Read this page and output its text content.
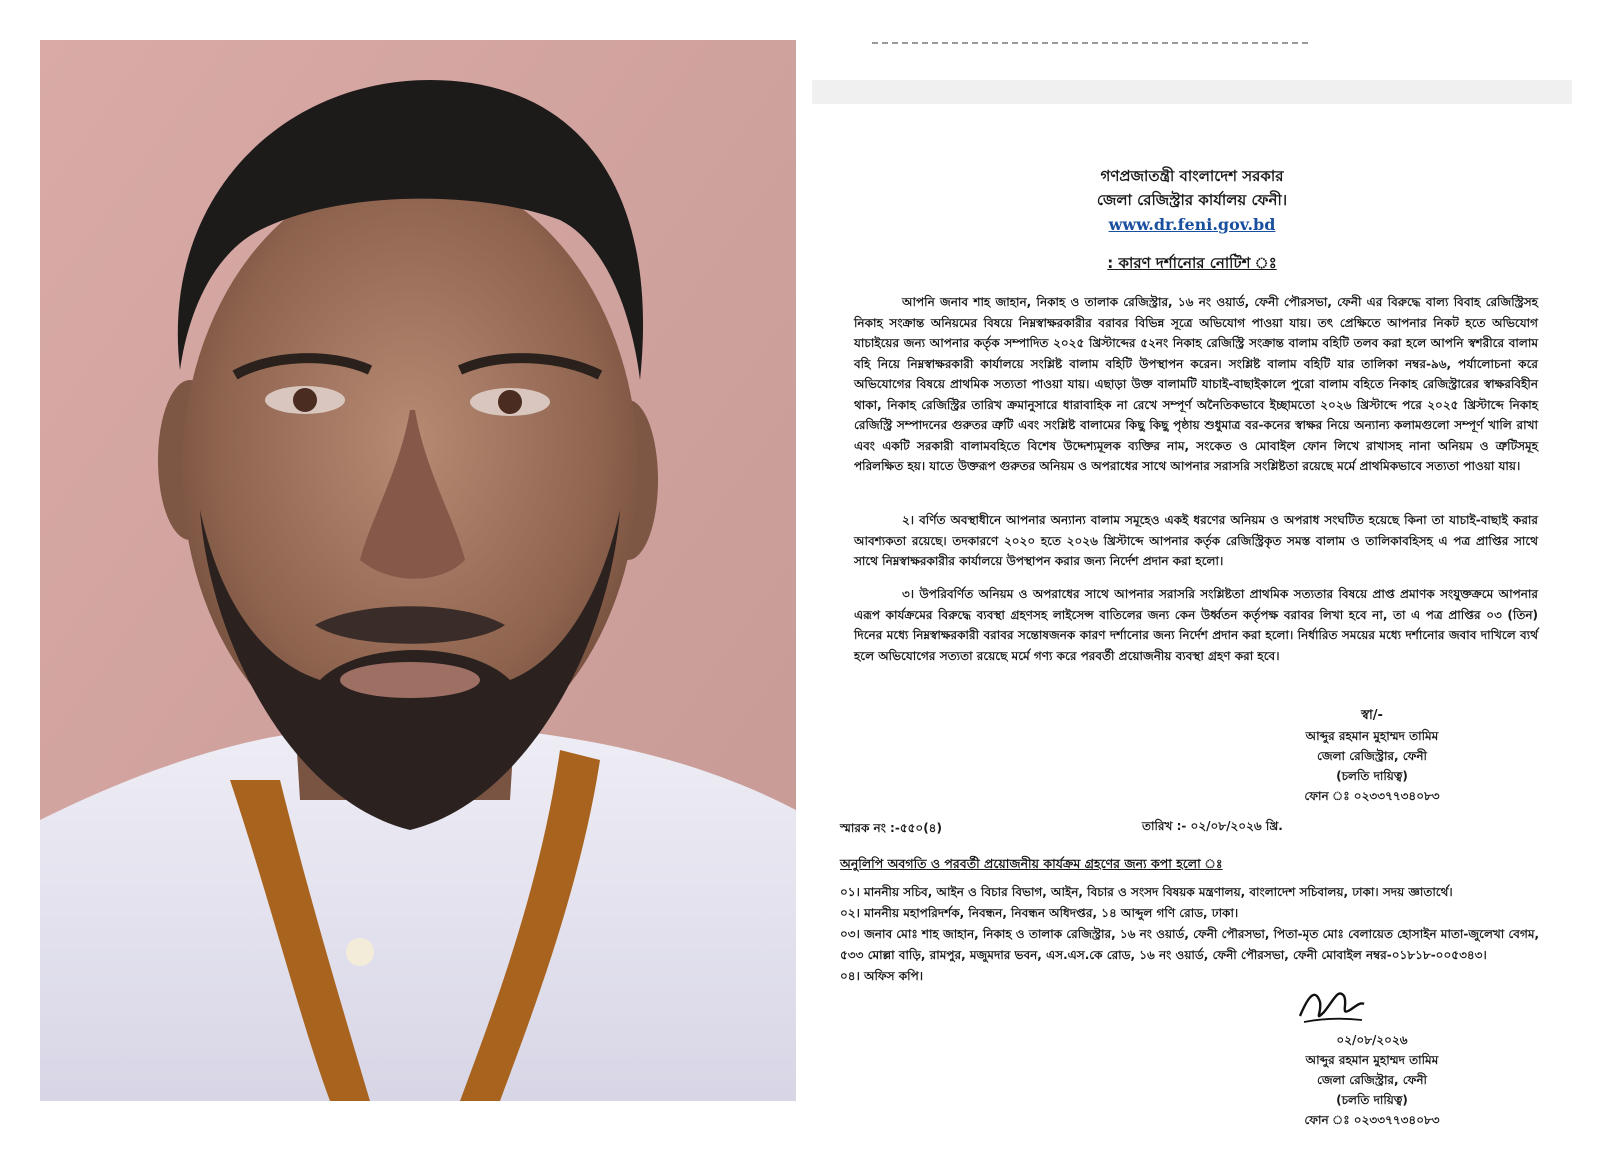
গণপ্রজাতন্ত্রী বাংলাদেশ সরকার
জেলা রেজিস্ট্রার কার্যালয় ফেনী।
www.dr.feni.gov.bd
: কারণ দর্শানোর নোটিশ ঃ

আপনি জনাব শাহ জাহান, নিকাহ ও তালাক রেজিস্ট্রার, ১৬ নং ওয়ার্ড, ফেনী পৌরসভা, ফেনী এর বিরুদ্ধে বাল্য বিবাহ রেজিস্ট্রিসহ নিকাহ সংক্রান্ত অনিয়মের বিষয়ে নিম্নস্বাক্ষরকারীর বরাবর বিভিন্ন সূত্রে অভিযোগ পাওয়া যায়। তৎ প্রেক্ষিতে আপনার নিকট হতে অভিযোগ যাচাইয়ের জন্য আপনার কর্তৃক সম্পাদিত ২০২৫ খ্রিস্টাব্দের ৫২নং নিকাহ রেজিস্ট্রি সংক্রান্ত বালাম বহিটি তলব করা হলে আপনি স্বশরীরে বালাম বহি নিয়ে নিম্নস্বাক্ষরকারী কার্যালয়ে সংশ্লিষ্ট বালাম বহিটি উপস্থাপন করেন। সংশ্লিষ্ট বালাম বহিটি যার তালিকা নম্বর-৯৬, পর্যালোচনা করে অভিযোগের বিষয়ে প্রাথমিক সত্যতা পাওয়া যায়। এছাড়া উক্ত বালামটি যাচাই-বাছাইকালে পুরো বালাম বহিতে নিকাহ রেজিস্ট্রারের স্বাক্ষরবিহীন থাকা, নিকাহ রেজিস্ট্রির তারিখ ক্রমানুসারে ধারাবাহিক না রেখে সম্পূর্ণ অনৈতিকভাবে ইচ্ছামতো ২০২৬ খ্রিস্টাব্দে পরে ২০২৫ খ্রিস্টাব্দে নিকাহ রেজিস্ট্রি সম্পাদনের গুরুতর ত্রুটি এবং সংশ্লিষ্ট বালামের কিছু কিছু পৃষ্ঠায় শুধুমাত্র বর-কনের স্বাক্ষর নিয়ে অন্যান্য কলামগুলো সম্পূর্ণ খালি রাখা এবং একটি সরকারী বালামবহিতে বিশেষ উদ্দেশ্যমূলক ব্যক্তির নাম, সংকেত ও মোবাইল ফোন লিখে রাখাসহ নানা অনিয়ম ও ত্রুটিসমূহ পরিলক্ষিত হয়। যাতে উক্তরূপ গুরুতর অনিয়ম ও অপরাধের সাথে আপনার সরাসরি সংশ্লিষ্টতা রয়েছে মর্মে প্রাথমিকভাবে সত্যতা পাওয়া যায়।

২। বর্ণিত অবস্থাধীনে আপনার অন্যান্য বালাম সমূহেও একই ধরণের অনিয়ম ও অপরাধ সংঘটিত হয়েছে কিনা তা যাচাই-বাছাই করার আবশ্যকতা রয়েছে। তদকারণে ২০২০ হতে ২০২৬ খ্রিস্টাব্দে আপনার কর্তৃক রেজিস্ট্রিকৃত সমস্ত বালাম ও তালিকাবহিসহ এ পত্র প্রাপ্তির সাথে সাথে নিম্নস্বাক্ষরকারীর কার্যালয়ে উপস্থাপন করার জন্য নির্দেশ প্রদান করা হলো।

৩। উপরিবর্ণিত অনিয়ম ও অপরাধের সাথে আপনার সরাসরি সংশ্লিষ্টতা প্রাথমিক সত্যতার বিষয়ে প্রাপ্ত প্রমাণক সংযুক্তক্রমে আপনার এরূপ কার্যক্রমের বিরুদ্ধে ব্যবস্থা গ্রহণসহ লাইসেন্স বাতিলের জন্য কেন উর্ধ্বতন কর্তৃপক্ষ বরাবর লিখা হবে না, তা এ পত্র প্রাপ্তির ০৩ (তিন) দিনের মধ্যে নিম্নস্বাক্ষরকারী বরাবর সন্তোষজনক কারণ দর্শানোর জন্য নির্দেশ প্রদান করা হলো। নির্ধারিত সময়ের মধ্যে দর্শানোর জবাব দাখিলে ব্যর্থ হলে অভিযোগের সত্যতা রয়েছে মর্মে গণ্য করে পরবর্তী প্রয়োজনীয় ব্যবস্থা গ্রহণ করা হবে।

স্বা/-
আব্দুর রহমান মুহাম্মদ তামিম
জেলা রেজিস্ট্রার, ফেনী
(চলতি দায়িত্ব)
ফোন ঃ ০২৩৩৭৭৩৪০৮৩
স্মারক নং :-৫৫০(৪)	তারিখ :- ০২/০৮/২০২৬ খ্রি.
অনুলিপি অবগতি ও পরবর্তী প্রয়োজনীয় কার্যক্রম গ্রহণের জন্য কপা হলো ঃ
০১। মাননীয় সচিব, আইন ও বিচার বিভাগ, আইন, বিচার ও সংসদ বিষয়ক মন্ত্রণালয়, বাংলাদেশ সচিবালয়, ঢাকা। সদয় জ্ঞাতার্থে।
০২। মাননীয় মহাপরিদর্শক, নিবন্ধন, নিবন্ধন অধিদপ্তর, ১৪ আব্দুল গণি রোড, ঢাকা।
০৩। জনাব মোঃ শাহ জাহান, নিকাহ ও তালাক রেজিস্ট্রার, ১৬ নং ওয়ার্ড, ফেনী পৌরসভা, পিতা-মৃত মোঃ বেলায়েত হোসাইন মাতা-জুলেখা বেগম, ৫৩৩ মোল্লা বাড়ি, রামপুর, মজুমদার ভবন, এস.এস.কে রোড, ১৬ নং ওয়ার্ড, ফেনী পৌরসভা, ফেনী মোবাইল নম্বর-০১৮১৮-০০৫৩৪৩।
০৪। অফিস কপি।
০২/০৮/২০২৬
আব্দুর রহমান মুহাম্মদ তামিম
জেলা রেজিস্ট্রার, ফেনী
(চলতি দায়িত্ব)
ফোন ঃ ০২৩৩৭৭৩৪০৮৩
